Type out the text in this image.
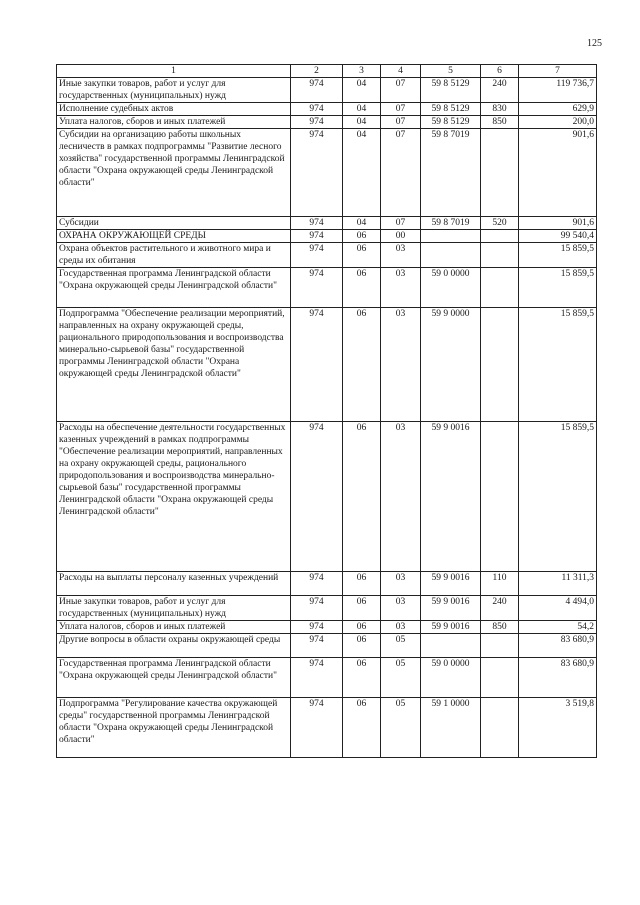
125
1	2	3	4	5	6	7
Иные закупки товаров, работ и услуг для государственных (муниципальных) нужд	974	04	07	59 8 5129	240	119 736,7
Исполнение судебных актов	974	04	07	59 8 5129	830	629,9
Уплата налогов, сборов и иных платежей	974	04	07	59 8 5129	850	200,0
Субсидии на организацию работы школьных лесничеств в рамках подпрограммы "Развитие лесного хозяйства" государственной программы Ленинградской области "Охрана окружающей среды Ленинградской области"	974	04	07	59 8 7019		901,6
Субсидии	974	04	07	59 8 7019	520	901,6
ОХРАНА ОКРУЖАЮЩЕЙ СРЕДЫ	974	06	00			99 540,4
Охрана объектов растительного и животного мира и среды их обитания	974	06	03			15 859,5
Государственная программа Ленинградской области "Охрана окружающей среды Ленинградской области"	974	06	03	59 0 0000		15 859,5
Подпрограмма "Обеспечение реализации мероприятий, направленных на охрану окружающей среды, рационального природопользования и воспроизводства минерально-сырьевой базы" государственной программы Ленинградской области "Охрана окружающей среды Ленинградской области"	974	06	03	59 9 0000		15 859,5
Расходы на обеспечение деятельности государственных казенных учреждений в рамках подпрограммы "Обеспечение реализации мероприятий, направленных на охрану окружающей среды, рационального природопользования и воспроизводства минерально-сырьевой базы" государственной программы Ленинградской области "Охрана окружающей среды Ленинградской области"	974	06	03	59 9 0016		15 859,5
Расходы на выплаты персоналу казенных учреждений	974	06	03	59 9 0016	110	11 311,3
Иные закупки товаров, работ и услуг для государственных (муниципальных) нужд	974	06	03	59 9 0016	240	4 494,0
Уплата налогов, сборов и иных платежей	974	06	03	59 9 0016	850	54,2
Другие вопросы в области охраны окружающей среды	974	06	05			83 680,9
Государственная программа Ленинградской области "Охрана окружающей среды Ленинградской области"	974	06	05	59 0 0000		83 680,9
Подпрограмма "Регулирование качества окружающей среды" государственной программы Ленинградской области "Охрана окружающей среды Ленинградской области"	974	06	05	59 1 0000		3 519,8
